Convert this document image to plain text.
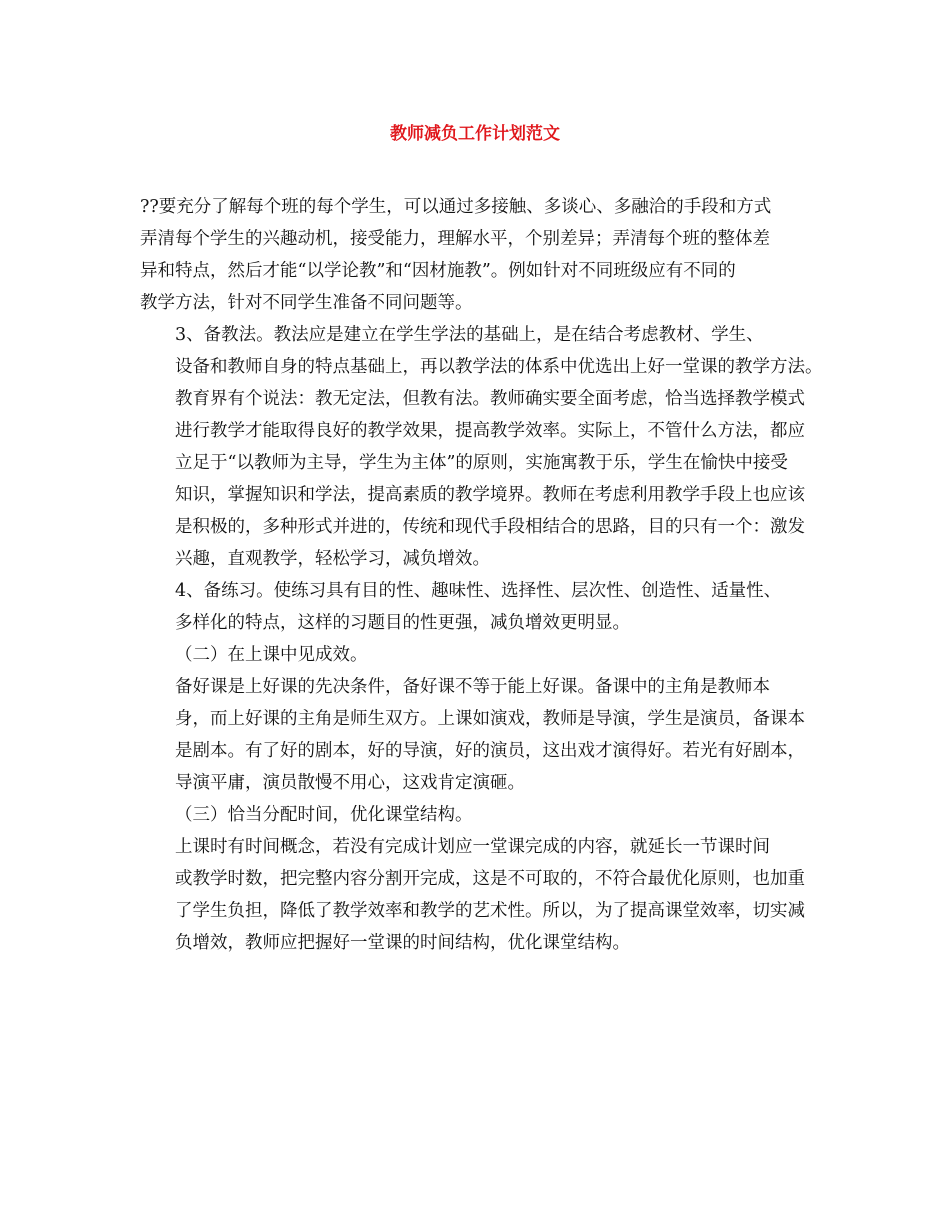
教师减负工作计划范文

??要充分了解每个班的每个学生，可以通过多接触、多谈心、多融洽的手段和方式
弄清每个学生的兴趣动机，接受能力，理解水平，个别差异；弄清每个班的整体差
异和特点，然后才能“以学论教”和“因材施教”。例如针对不同班级应有不同的
教学方法，针对不同学生准备不同问题等。

3、备教法。教法应是建立在学生学法的基础上，是在结合考虑教材、学生、
设备和教师自身的特点基础上，再以教学法的体系中优选出上好一堂课的教学方法。
教育界有个说法：教无定法，但教有法。教师确实要全面考虑，恰当选择教学模式
进行教学才能取得良好的教学效果，提高教学效率。实际上，不管什么方法，都应
立足于“以教师为主导，学生为主体”的原则，实施寓教于乐，学生在愉快中接受
知识，掌握知识和学法，提高素质的教学境界。教师在考虑利用教学手段上也应该
是积极的，多种形式并进的，传统和现代手段相结合的思路，目的只有一个：激发
兴趣，直观教学，轻松学习，减负增效。

4、备练习。使练习具有目的性、趣味性、选择性、层次性、创造性、适量性、
多样化的特点，这样的习题目的性更强，减负增效更明显。

（二）在上课中见成效。

备好课是上好课的先决条件，备好课不等于能上好课。备课中的主角是教师本
身，而上好课的主角是师生双方。上课如演戏，教师是导演，学生是演员，备课本
是剧本。有了好的剧本，好的导演，好的演员，这出戏才演得好。若光有好剧本，
导演平庸，演员散慢不用心，这戏肯定演砸。

（三）恰当分配时间，优化课堂结构。

上课时有时间概念，若没有完成计划应一堂课完成的内容，就延长一节课时间
或教学时数，把完整内容分割开完成，这是不可取的，不符合最优化原则，也加重
了学生负担，降低了教学效率和教学的艺术性。所以，为了提高课堂效率，切实减
负增效，教师应把握好一堂课的时间结构，优化课堂结构。
